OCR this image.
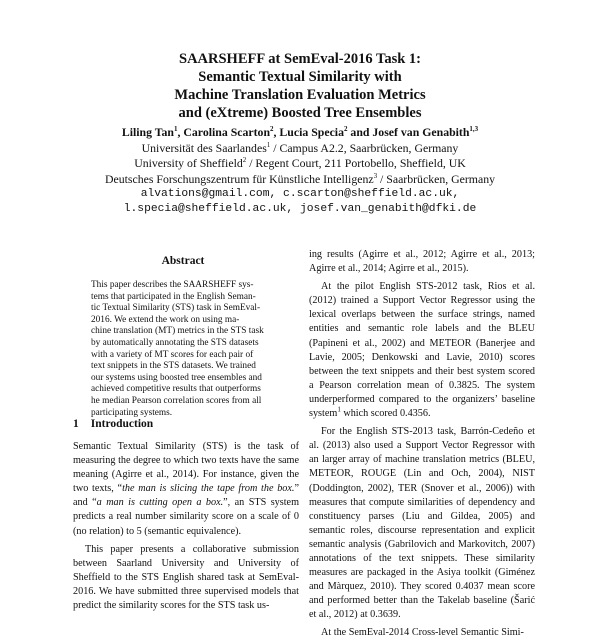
SAARSHEFF at SemEval-2016 Task 1:
Semantic Textual Similarity with
Machine Translation Evaluation Metrics
and (eXtreme) Boosted Tree Ensembles
Liling Tan$^1$, Carolina Scarton$^2$, Lucia Specia$^2$ and Josef van Genabith$^{1,3}$
Universität des Saarlandes$^1$ / Campus A2.2, Saarbrücken, Germany
University of Sheffield$^2$ / Regent Court, 211 Portobello, Sheffield, UK
Deutsches Forschungszentrum für Künstliche Intelligenz$^3$ / Saarbrücken, Germany
alvations@gmail.com, c.scarton@sheffield.ac.uk,
l.specia@sheffield.ac.uk, josef.van_genabith@dfki.de
Abstract
This paper describes the SAARSHEFF sys-
tems that participated in the English Seman-
tic Textual Similarity (STS) task in SemEval-
2016. We extend the work on using ma-
chine translation (MT) metrics in the STS task
by automatically annotating the STS datasets
with a variety of MT scores for each pair of
text snippets in the STS datasets. We trained
our systems using boosted tree ensembles and
achieved competitive results that outperforms
he median Pearson correlation scores from all
participating systems.
1 Introduction

Semantic Textual Similarity (STS) is the task of measuring the degree to which two texts have the same meaning (Agirre et al., 2014). For instance, given the two texts, “the man is slicing the tape from the box.” and “a man is cutting open a box.”, an STS system predicts a real number similarity score on a scale of 0 (no relation) to 5 (semantic equivalence).

This paper presents a collaborative submission between Saarland University and University of Sheffield to the STS English shared task at SemEval-2016. We have submitted three supervised models that predict the similarity scores for the STS task us-

ing results (Agirre et al., 2012; Agirre et al., 2013; Agirre et al., 2014; Agirre et al., 2015).

At the pilot English STS-2012 task, Rios et al. (2012) trained a Support Vector Regressor using the lexical overlaps between the surface strings, named entities and semantic role labels and the BLEU (Papineni et al., 2002) and METEOR (Banerjee and Lavie, 2005; Denkowski and Lavie, 2010) scores between the text snippets and their best system scored a Pearson correlation mean of 0.3825. The system underperformed compared to the organizers’ baseline system$^1$ which scored 0.4356.

For the English STS-2013 task, Barrón-Cedeño et al. (2013) also used a Support Vector Regressor with an larger array of machine translation metrics (BLEU, METEOR, ROUGE (Lin and Och, 2004), NIST (Doddington, 2002), TER (Snover et al., 2006)) with measures that compute similarities of dependency and constituency parses (Liu and Gildea, 2005) and semantic roles, discourse representation and explicit semantic analysis (Gabrilovich and Markovitch, 2007) annotations of the text snippets. These similarity measures are packaged in the Asiya toolkit (Giménez and Màrquez, 2010). They scored 0.4037 mean score and performed better than the Takelab baseline (Šarić et al., 2012) at 0.3639.

At the SemEval-2014 Cross-level Semantic Simi-
